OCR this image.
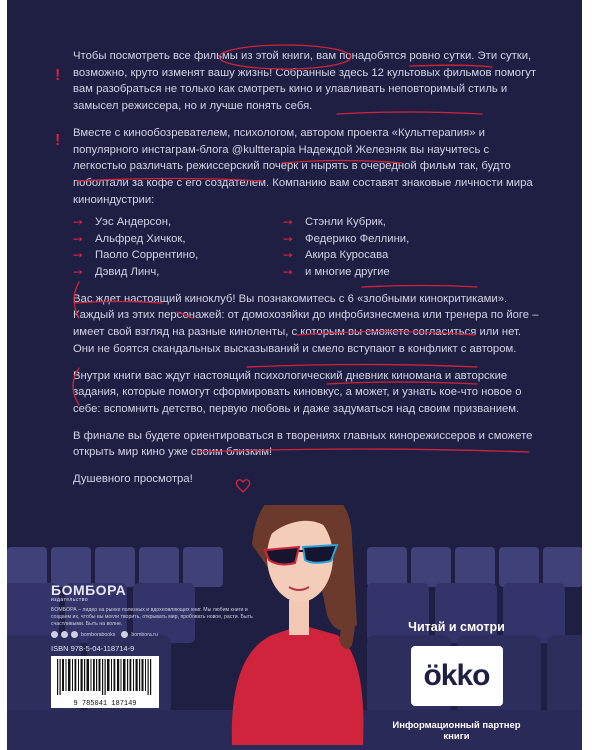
Чтобы посмотреть все фильмы из этой книги, вам понадобятся ровно сутки. Эти сутки, возможно, круто изменят вашу жизнь! Собранные здесь 12 культовых фильмов помогут вам разобраться не только как смотреть кино и улавливать неповторимый стиль и замысел режиссера, но и лучше понять себя.

Вместе с кинообозревателем, психологом, автором проекта «Культтерапия» и популярного инстаграм-блога @kultterapia Надеждой Железняк вы научитесь с легкостью различать режиссерский почерк и нырять в очередной фильм так, будто поболтали за кофе с его создателем. Компанию вам составят знаковые личности мира киноиндустрии:

➙	Уэс Андерсон,	➙	Стэнли Кубрик,
➙	Альфред Хичкок,	➙	Федерико Феллини,
➙	Паоло Соррентино,	➙	Акира Куросава
➙	Дэвид Линч,	➙	и многие другие

Вас ждет настоящий киноклуб! Вы познакомитесь с 6 «злобными кинокритиками». Каждый из этих персонажей: от домохозяйки до инфобизнесмена или тренера по йоге – имеет свой взгляд на разные киноленты, с которым вы сможете согласиться или нет. Они не боятся скандальных высказываний и смело вступают в конфликт с автором.

Внутри книги вас ждут настоящий психологический дневник киномана и авторские задания, которые помогут сформировать киновкус, а может, и узнать кое-что новое о себе: вспомнить детство, первую любовь и даже задуматься над своим призванием.

В финале вы будете ориентироваться в творениях главных кинорежиссеров и сможете открыть мир кино уже своим близким!

Душевного просмотра!

!
!
БОМБОРА
издательство
БОМБОРА – лидер на рынке полезных и вдохновляющих книг. Мы любим книги и создаем их, чтобы вы могли творить, открывать мир, пробовать новое, расти. Быть счастливыми. Быть на волне.
bomborabooks	bombora.ru
ISBN 978-5-04-118714-9
9 785041 187149
Читай и смотри
ökko
Информационный партнер книги
